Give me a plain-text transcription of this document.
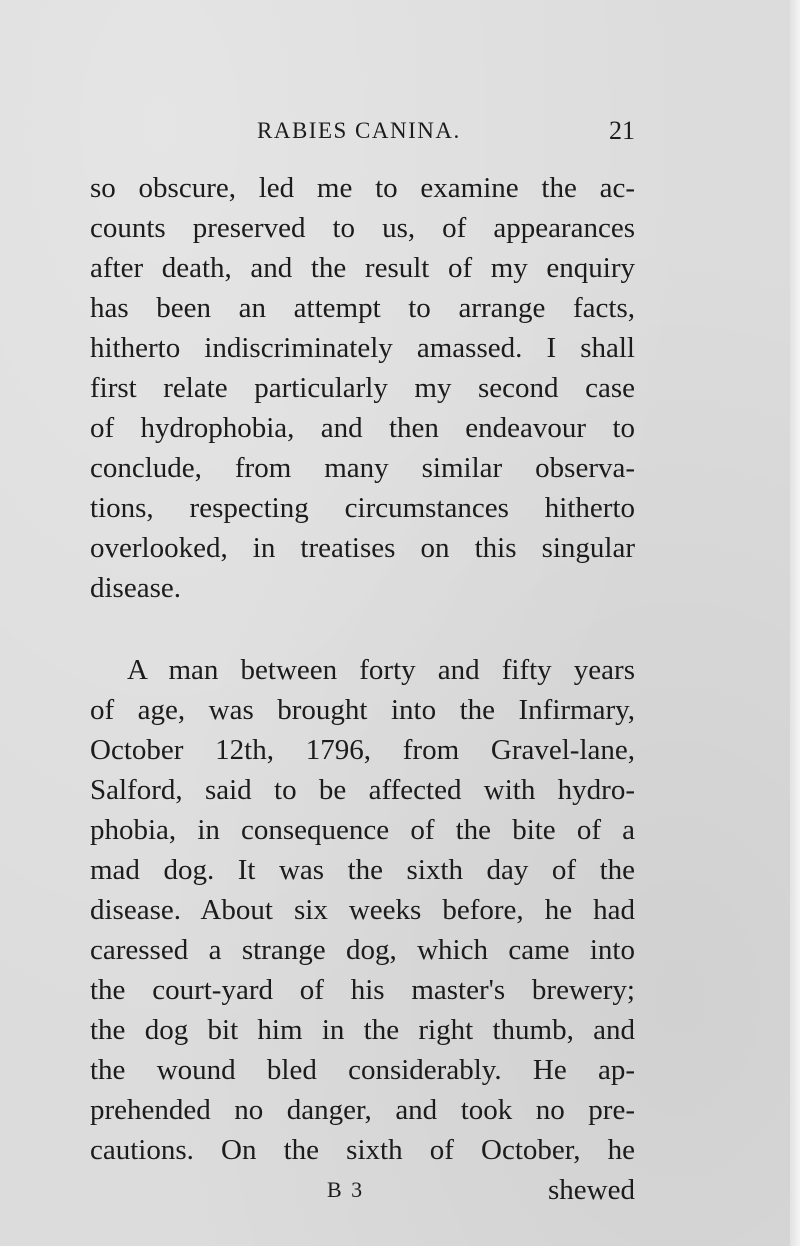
RABIES CANINA.	21
so obscure, led me to examine the ac-
counts preserved to us, of appearances
after death, and the result of my enquiry
has been an attempt to arrange facts,
hitherto indiscriminately amassed. I shall
first relate particularly my second case
of hydrophobia, and then endeavour to
conclude, from many similar observa-
tions, respecting circumstances hitherto
overlooked, in treatises on this singular
disease.
A man between forty and fifty years
of age, was brought into the Infirmary,
October 12th, 1796, from Gravel-lane,
Salford, said to be affected with hydro-
phobia, in consequence of the bite of a
mad dog. It was the sixth day of the
disease. About six weeks before, he had
caressed a strange dog, which came into
the court-yard of his master's brewery;
the dog bit him in the right thumb, and
the wound bled considerably. He ap-
prehended no danger, and took no pre-
cautions. On the sixth of October, he
B 3	shewed
